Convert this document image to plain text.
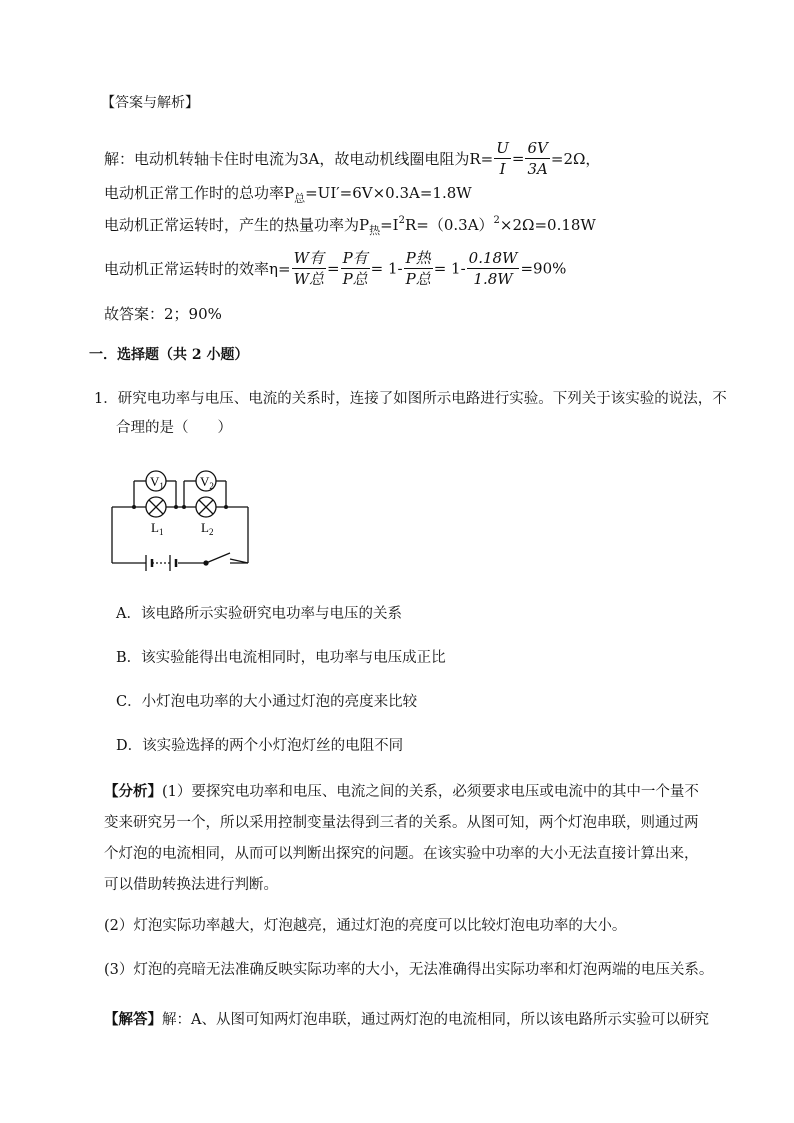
【答案与解析】
解：电动机转轴卡住时电流为3A，故电动机线圈电阻为$R= \frac{U}{I} = \frac{6V}{3A} =2\Omega$，
电动机正常工作时的总功率$P_总=UI'=6V\times 0.3A=1.8W$
电动机正常运转时，产生的热量功率为$P_热=I^2R=(0.3A)^2\times 2\Omega=0.18W$
电动机正常运转时的效率$\eta= \frac{\text{W有}}{\text{W总}} = \frac{\text{P有}}{\text{P总}} = 1- \frac{\text{P热}}{\text{P总}} = 1- \frac{0.18W}{1.8W} =90\%$
故答案：2；90%
一．选择题（共 2 小题）
1．研究电功率与电压、电流的关系时，连接了如图所示电路进行实验。下列关于该实验的说法，不
合理的是（　　）
$V_1$	$V_2$
$L_1$	$L_2$
A．该电路所示实验研究电功率与电压的关系
B．该实验能得出电流相同时，电功率与电压成正比
C．小灯泡电功率的大小通过灯泡的亮度来比较
D．该实验选择的两个小灯泡灯丝的电阻不同
【分析】(1）要探究电功率和电压、电流之间的关系，必须要求电压或电流中的其中一个量不变来研究另一个，所以采用控制变量法得到三者的关系。从图可知，两个灯泡串联，则通过两个灯泡的电流相同，从而可以判断出探究的问题。在该实验中功率的大小无法直接计算出来，可以借助转换法进行判断。
(2）灯泡实际功率越大，灯泡越亮，通过灯泡的亮度可以比较灯泡电功率的大小。
(3）灯泡的亮暗无法准确反映实际功率的大小，无法准确得出实际功率和灯泡两端的电压关系。
【解答】解：A、从图可知两灯泡串联，通过两灯泡的电流相同，所以该电路所示实验可以研究
